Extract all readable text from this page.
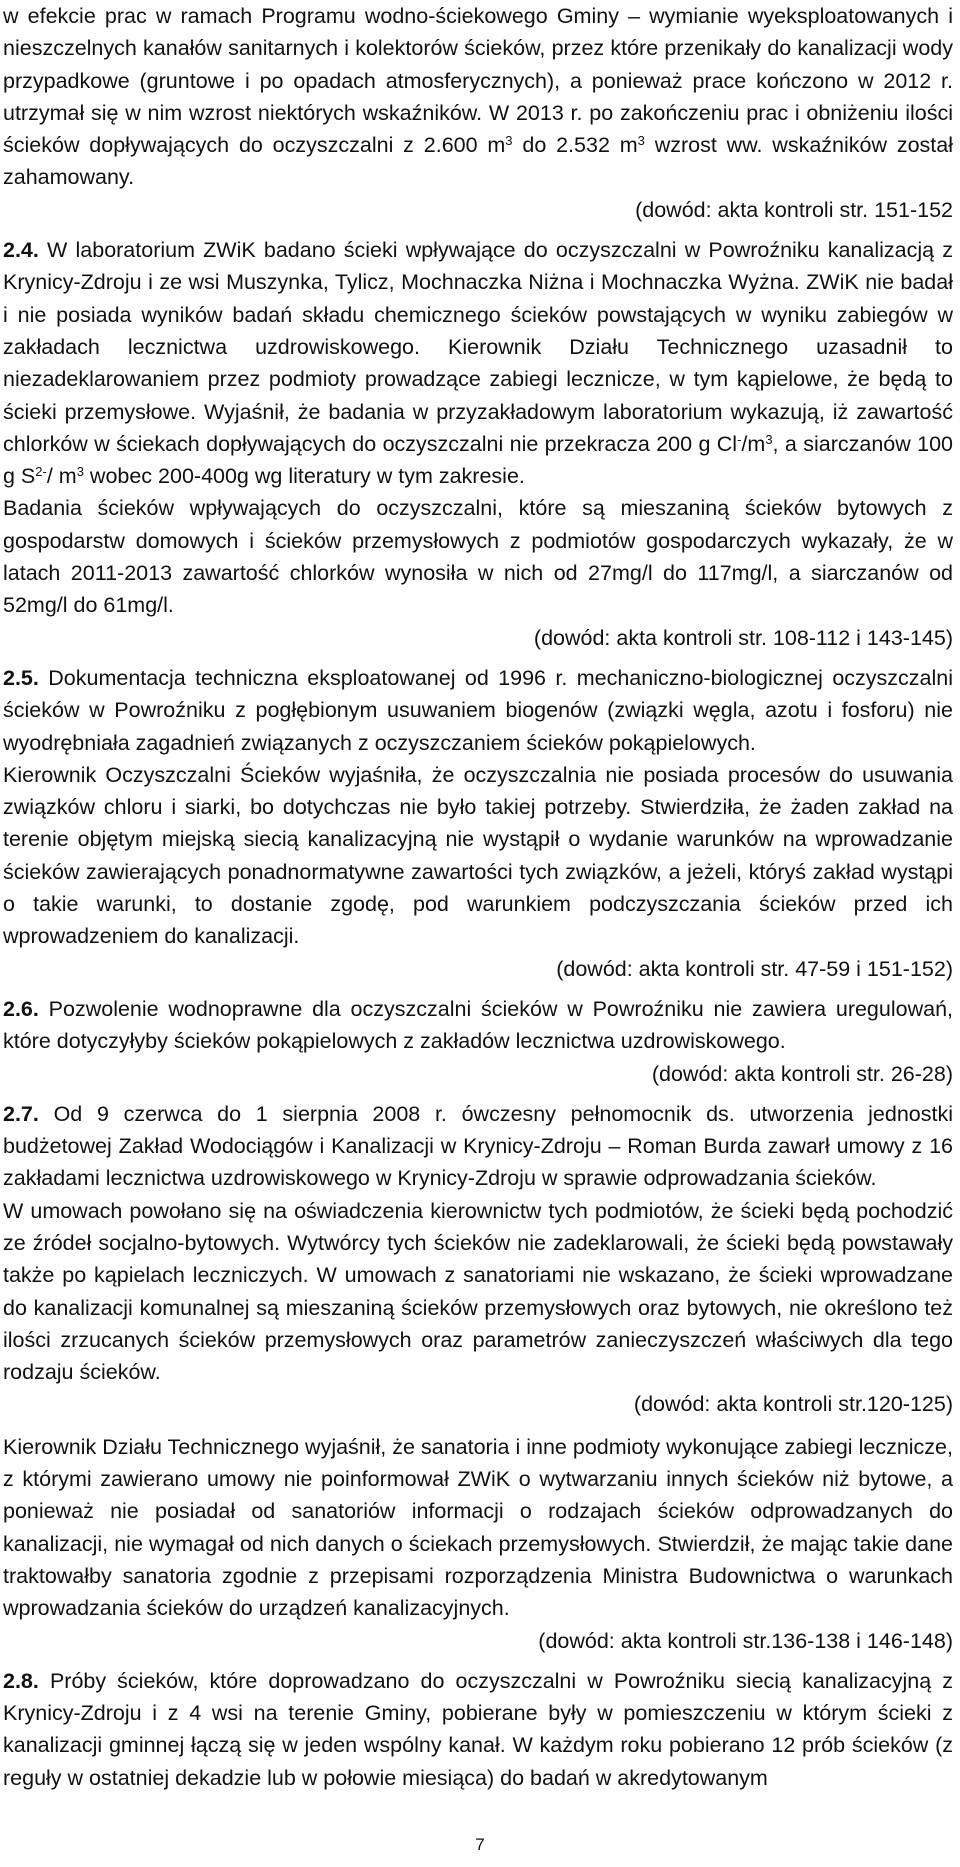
w efekcie prac w ramach Programu wodno-ściekowego Gminy – wymianie wyeksploatowanych i nieszczelnych kanałów sanitarnych i kolektorów ścieków, przez które przenikały do kanalizacji wody przypadkowe (gruntowe i po opadach atmosferycznych), a ponieważ prace kończono w 2012 r. utrzymał się w nim wzrost niektórych wskaźników. W 2013 r. po zakończeniu prac i obniżeniu ilości ścieków dopływających do oczyszczalni z 2.600 $m^3$ do 2.532 $m^3$ wzrost ww. wskaźników został zahamowany.

(dowód: akta kontroli str. 151-152

2.4. W laboratorium ZWiK badano ścieki wpływające do oczyszczalni w Powroźniku kanalizacją z Krynicy-Zdroju i ze wsi Muszynka, Tylicz, Mochnaczka Niżna i Mochnaczka Wyżna. ZWiK nie badał i nie posiada wyników badań składu chemicznego ścieków powstających w wyniku zabiegów w zakładach lecznictwa uzdrowiskowego. Kierownik Działu Technicznego uzasadnił to niezadeklarowaniem przez podmioty prowadzące zabiegi lecznicze, w tym kąpielowe, że będą to ścieki przemysłowe. Wyjaśnił, że badania w przyzakładowym laboratorium wykazują, iż zawartość chlorków w ściekach dopływających do oczyszczalni nie przekracza 200 g $Cl^-/m^3$, a siarczanów 100 g $S^{2-}/$ $m^3$ wobec 200-400g wg literatury w tym zakresie.

Badania ścieków wpływających do oczyszczalni, które są mieszaniną ścieków bytowych z gospodarstw domowych i ścieków przemysłowych z podmiotów gospodarczych wykazały, że w latach 2011-2013 zawartość chlorków wynosiła w nich od 27mg/l do 117mg/l, a siarczanów od 52mg/l do 61mg/l.

(dowód: akta kontroli str. 108-112 i 143-145)

2.5. Dokumentacja techniczna eksploatowanej od 1996 r. mechaniczno-biologicznej oczyszczalni ścieków w Powroźniku z pogłębionym usuwaniem biogenów (związki węgla, azotu i fosforu) nie wyodrębniała zagadnień związanych z oczyszczaniem ścieków pokąpielowych.

Kierownik Oczyszczalni Ścieków wyjaśniła, że oczyszczalnia nie posiada procesów do usuwania związków chloru i siarki, bo dotychczas nie było takiej potrzeby. Stwierdziła, że żaden zakład na terenie objętym miejską siecią kanalizacyjną nie wystąpił o wydanie warunków na wprowadzanie ścieków zawierających ponadnormatywne zawartości tych związków, a jeżeli, któryś zakład wystąpi o takie warunki, to dostanie zgodę, pod warunkiem podczyszczania ścieków przed ich wprowadzeniem do kanalizacji.

(dowód: akta kontroli str. 47-59 i 151-152)

2.6. Pozwolenie wodnoprawne dla oczyszczalni ścieków w Powroźniku nie zawiera uregulowań, które dotyczyłyby ścieków pokąpielowych z zakładów lecznictwa uzdrowiskowego.

(dowód: akta kontroli str. 26-28)

2.7. Od 9 czerwca do 1 sierpnia 2008 r. ówczesny pełnomocnik ds. utworzenia jednostki budżetowej Zakład Wodociągów i Kanalizacji w Krynicy-Zdroju – Roman Burda zawarł umowy z 16 zakładami lecznictwa uzdrowiskowego w Krynicy-Zdroju w sprawie odprowadzania ścieków.

W umowach powołano się na oświadczenia kierownictw tych podmiotów, że ścieki będą pochodzić ze źródeł socjalno-bytowych. Wytwórcy tych ścieków nie zadeklarowali, że ścieki będą powstawały także po kąpielach leczniczych. W umowach z sanatoriami nie wskazano, że ścieki wprowadzane do kanalizacji komunalnej są mieszaniną ścieków przemysłowych oraz bytowych, nie określono też ilości zrzucanych ścieków przemysłowych oraz parametrów zanieczyszczeń właściwych dla tego rodzaju ścieków.

(dowód: akta kontroli str.120-125)

Kierownik Działu Technicznego wyjaśnił, że sanatoria i inne podmioty wykonujące zabiegi lecznicze, z którymi zawierano umowy nie poinformował ZWiK o wytwarzaniu innych ścieków niż bytowe, a ponieważ nie posiadał od sanatoriów informacji o rodzajach ścieków odprowadzanych do kanalizacji, nie wymagał od nich danych o ściekach przemysłowych. Stwierdził, że mając takie dane traktowałby sanatoria zgodnie z przepisami rozporządzenia Ministra Budownictwa o warunkach wprowadzania ścieków do urządzeń kanalizacyjnych.

(dowód: akta kontroli str.136-138 i 146-148)

2.8. Próby ścieków, które doprowadzano do oczyszczalni w Powroźniku siecią kanalizacyjną z Krynicy-Zdroju i z 4 wsi na terenie Gminy, pobierane były w pomieszczeniu w którym ścieki z kanalizacji gminnej łączą się w jeden wspólny kanał. W każdym roku pobierano 12 prób ścieków (z reguły w ostatniej dekadzie lub w połowie miesiąca) do badań w akredytowanym

7
